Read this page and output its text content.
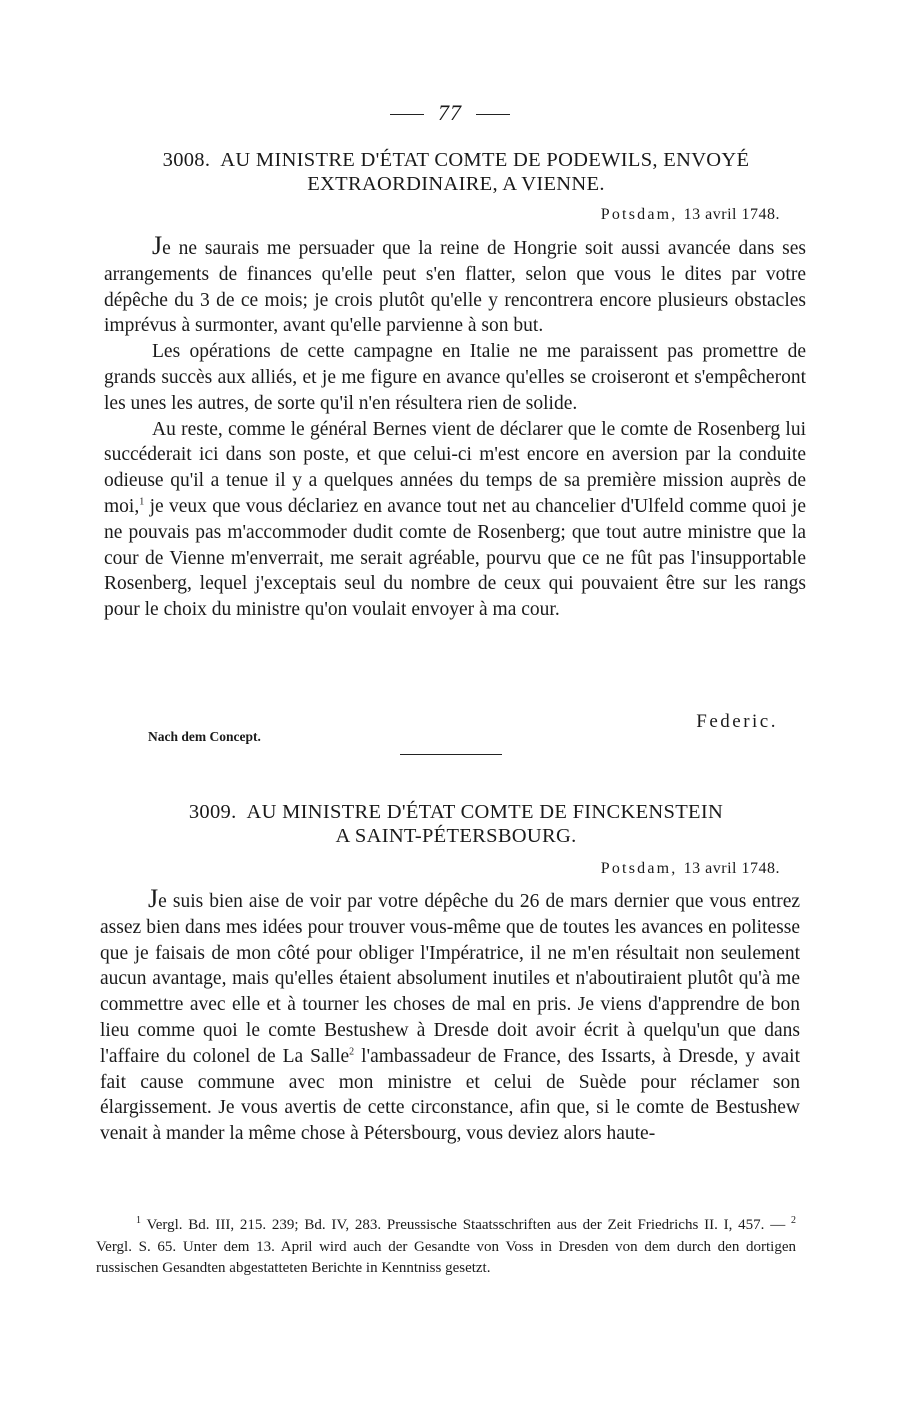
77
3008. AU MINISTRE D'ÉTAT COMTE DE PODEWILS, ENVOYÉ
EXTRAORDINAIRE, A VIENNE.
Potsdam, 13 avril 1748.

Je ne saurais me persuader que la reine de Hongrie soit aussi avancée dans ses arrangements de finances qu'elle peut s'en flatter, selon que vous le dites par votre dépêche du 3 de ce mois; je crois plutôt qu'elle y rencontrera encore plusieurs obstacles imprévus à surmonter, avant qu'elle parvienne à son but.

Les opérations de cette campagne en Italie ne me paraissent pas promettre de grands succès aux alliés, et je me figure en avance qu'elles se croiseront et s'empêcheront les unes les autres, de sorte qu'il n'en résultera rien de solide.

Au reste, comme le général Bernes vient de déclarer que le comte de Rosenberg lui succéderait ici dans son poste, et que celui-ci m'est encore en aversion par la conduite odieuse qu'il a tenue il y a quelques années du temps de sa première mission auprès de moi,$^1$ je veux que vous déclariez en avance tout net au chancelier d'Ulfeld comme quoi je ne pouvais pas m'accommoder dudit comte de Rosenberg; que tout autre ministre que la cour de Vienne m'enverrait, me serait agréable, pourvu que ce ne fût pas l'insupportable Rosenberg, lequel j'exceptais seul du nombre de ceux qui pouvaient être sur les rangs pour le choix du ministre qu'on voulait envoyer à ma cour.

Federic.
Nach dem Concept.
3009. AU MINISTRE D'ÉTAT COMTE DE FINCKENSTEIN
A SAINT-PÉTERSBOURG.
Potsdam, 13 avril 1748.

Je suis bien aise de voir par votre dépêche du 26 de mars dernier que vous entrez assez bien dans mes idées pour trouver vous-même que de toutes les avances en politesse que je faisais de mon côté pour obliger l'Impératrice, il ne m'en résultait non seulement aucun avantage, mais qu'elles étaient absolument inutiles et n'aboutiraient plutôt qu'à me commettre avec elle et à tourner les choses de mal en pris. Je viens d'apprendre de bon lieu comme quoi le comte Bestushew à Dresde doit avoir écrit à quelqu'un que dans l'affaire du colonel de La Salle$^2$ l'ambassadeur de France, des Issarts, à Dresde, y avait fait cause commune avec mon ministre et celui de Suède pour réclamer son élargissement. Je vous avertis de cette circonstance, afin que, si le comte de Bestushew venait à mander la même chose à Pétersbourg, vous deviez alors haute-

$^1$ Vergl. Bd. III, 215. 239; Bd. IV, 283. Preussische Staatsschriften aus der Zeit Friedrichs II. I, 457. — $^2$ Vergl. S. 65. Unter dem 13. April wird auch der Gesandte von Voss in Dresden von dem durch den dortigen russischen Gesandten abgestatteten Berichte in Kenntniss gesetzt.
